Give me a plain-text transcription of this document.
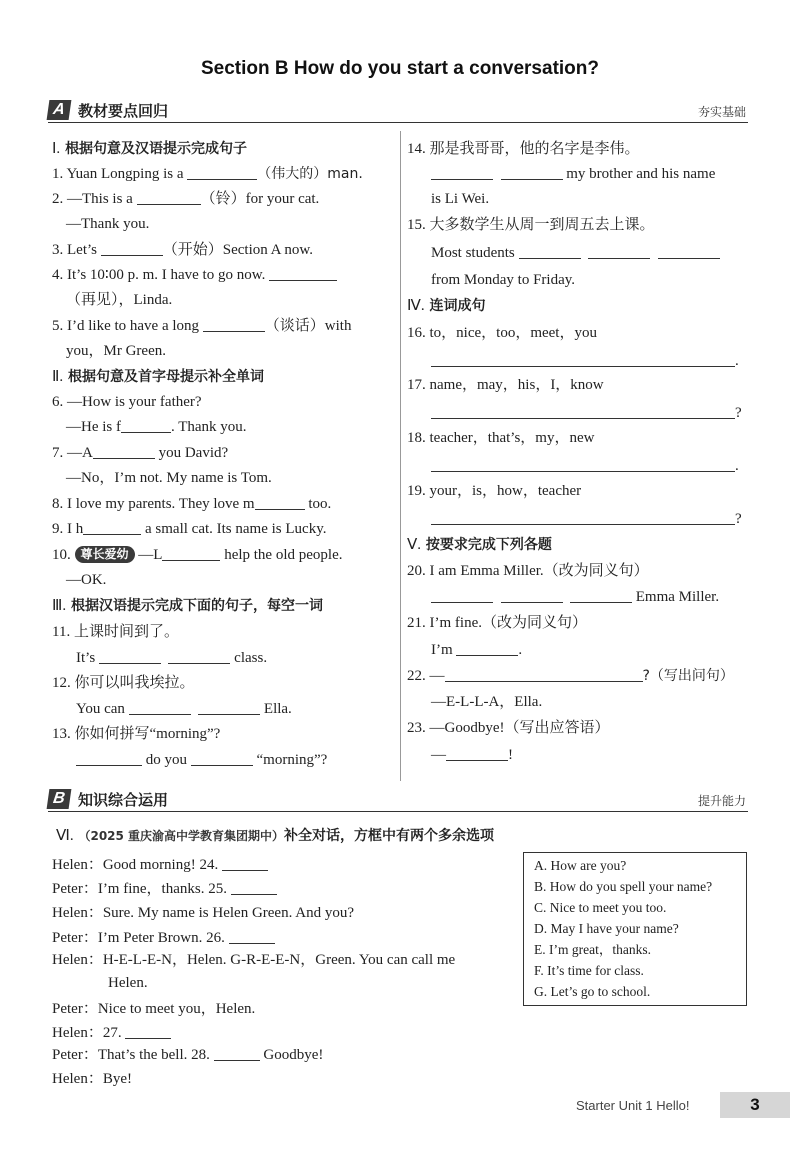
Section B How do you start a conversation?
A 教材要点回归	夯实基础
Ⅰ. 根据句意及汉语提示完成句子
1. Yuan Longping is a	（伟大的）man.
2. —This is a	（铃）for your cat.
—Thank you.
3. Let’s	（开始）Section A now.
4. It’s 10∶00 p. m. I have to go now.
（再见），Linda.
5. I’d like to have a long	（谈话）with
you，Mr Green.
Ⅱ. 根据句意及首字母提示补全单词
6. —How is your father?
—He is f	. Thank you.
7. —A	you David?
—No，I’m not. My name is Tom.
8. I love my parents. They love m	too.
9. I h	a small cat. Its name is Lucky.
10. 尊长爱幼 —L	help the old people.
—OK.
Ⅲ. 根据汉语提示完成下面的句子，每空一词
11. 上课时间到了。
It’s	class.
12. 你可以叫我埃拉。
You can	Ella.
13. 你如何拼写“morning”?
do you	“morning”?
14. 那是我哥哥，他的名字是李伟。
my brother and his name
is Li Wei.
15. 大多数学生从周一到周五去上课。
Most students
from Monday to Friday.
Ⅳ. 连词成句
16. to，nice，too，meet，you
.
17. name，may，his，I，know
?
18. teacher，that’s，my，new
.
19. your，is，how，teacher
?
Ⅴ. 按要求完成下列各题
20. I am Emma Miller.（改为同义句）
Emma Miller.
21. I’m fine.（改为同义句）
I’m	.
22. —	?（写出问句）
—E-L-L-A，Ella.
23. —Goodbye!（写出应答语）
—	!
B 知识综合运用	提升能力
Ⅵ. （2025 重庆渝高中学教育集团期中）补全对话，方框中有两个多余选项
Helen：Good morning! 24.
Peter：I’m fine，thanks. 25.
Helen：Sure. My name is Helen Green. And you?
Peter：I’m Peter Brown. 26.
Helen：H-E-L-E-N，Helen. G-R-E-E-N，Green. You can call me
Helen.
Peter：Nice to meet you，Helen.
Helen：27.
Peter：That’s the bell. 28.	Goodbye!
Helen：Bye!
A. How are you?
B. How do you spell your name?
C. Nice to meet you too.
D. May I have your name?
E. I’m great，thanks.
F. It’s time for class.
G. Let’s go to school.
Starter Unit 1 Hello!	3
